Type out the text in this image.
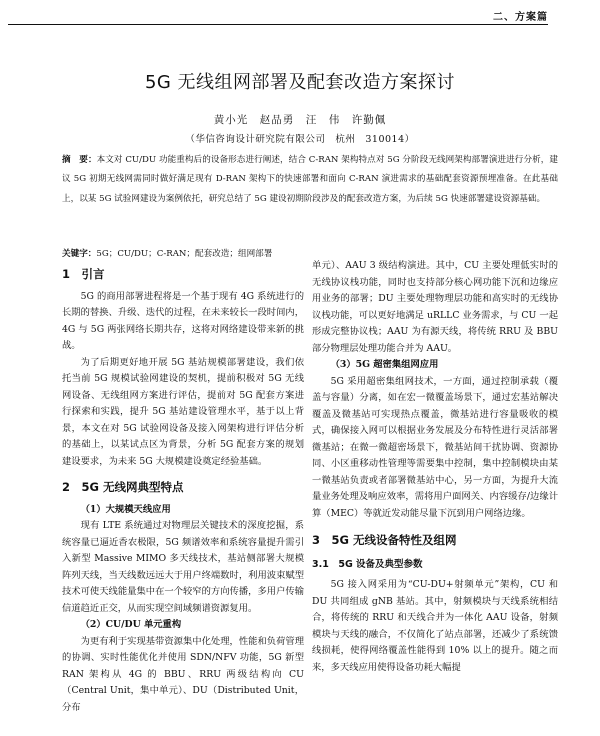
二、方案篇
5G 无线组网部署及配套改造方案探讨
黄小光　赵品勇　汪　伟　许勤佩
（华信咨询设计研究院有限公司　杭州　310014）
摘　要：本文对 CU/DU 功能重构后的设备形态进行阐述，结合 C-RAN 架构特点对 5G 分阶段无线网架构部署演进进行分析，建议 5G 初期无线网需同时做好满足现有 D-RAN 架构下的快速部署和面向 C-RAN 演进需求的基础配套资源预埋准备。在此基础上，以某 5G 试验网建设为案例依托，研究总结了 5G 建设初期阶段涉及的配套改造方案，为后续 5G 快速部署建设资源基础。
关键字：5G；CU/DU；C-RAN；配套改造；组网部署

1　引言

5G 的商用部署进程将是一个基于现有 4G 系统进行的长期的替换、升级、迭代的过程，在未来较长一段时间内，4G 与 5G 两张网络长期共存，这将对网络建设带来新的挑战。

为了后期更好地开展 5G 基站规模部署建设，我们依托当前 5G 规模试验网建设的契机，提前积极对 5G 无线网设备、无线组网方案进行评估，提前对 5G 配套方案进行探索和实践，提升 5G 基站建设管理水平，基于以上背景，本文在对 5G 试验网设备及接入网架构进行评估分析的基础上，以某试点区为背景，分析 5G 配套方案的规划建设要求，为未来 5G 大规模建设奠定经验基础。

2　5G 无线网典型特点

（1）大规模天线应用

现有 LTE 系统通过对物理层关键技术的深度挖掘，系统容量已逼近香农极限，5G 频谱效率和系统容量提升需引入新型 Massive MIMO 多天线技术，基站侧部署大规模阵列天线，当天线数远远大于用户终端数时，利用波束赋型技术可使天线能量集中在一个较窄的方向传播，多用户传输信道趋近正交，从而实现空间域频谱资源复用。

（2）CU/DU 单元重构

为更有利于实现基带资源集中化处理，性能和负荷管理的协调、实时性能优化并使用 SDN/NFV 功能，5G 新型 RAN 架构从 4G 的 BBU、RRU 两级结构向 CU（Central Unit，集中单元）、DU（Distributed Unit，分布

单元）、AAU 3 级结构演进。其中，CU 主要处理低实时的无线协议栈功能，同时也支持部分核心网功能下沉和边缘应用业务的部署；DU 主要处理物理层功能和高实时的无线协议栈功能，可以更好地满足 uRLLC 业务需求，与 CU 一起形成完整协议栈；AAU 为有源天线，将传统 RRU 及 BBU 部分物理层处理功能合并为 AAU。

（3）5G 超密集组网应用

5G 采用超密集组网技术，一方面，通过控制承载（覆盖与容量）分离，如在宏一微覆盖场景下，通过宏基站解决覆盖及微基站可实现热点覆盖，微基站进行容量吸收的模式，确保接入网可以根据业务发展及分布特性进行灵活部署微基站；在微一微超密场景下，微基站间干扰协调、资源协同、小区重移动性管理等需要集中控制，集中控制模块由某一微基站负责或者部署微基站中心，另一方面，为提升大流量业务处理及响应效率，需将用户面网关、内容缓存/边缘计算（MEC）等就近发动能尽量下沉到用户网络边缘。

3　5G 无线设备特性及组网

3.1　5G 设备及典型参数

5G 接入网采用为“CU-DU+射频单元”架构，CU 和 DU 共同组成 gNB 基站。其中，射频模块与天线系统相结合，将传统的 RRU 和天线合并为一体化 AAU 设备，射频模块与天线的融合，不仅简化了站点部署，还减少了系统馈线损耗，使得网络覆盖性能得到 10% 以上的提升。随之而来，多天线应用使得设备功耗大幅提
